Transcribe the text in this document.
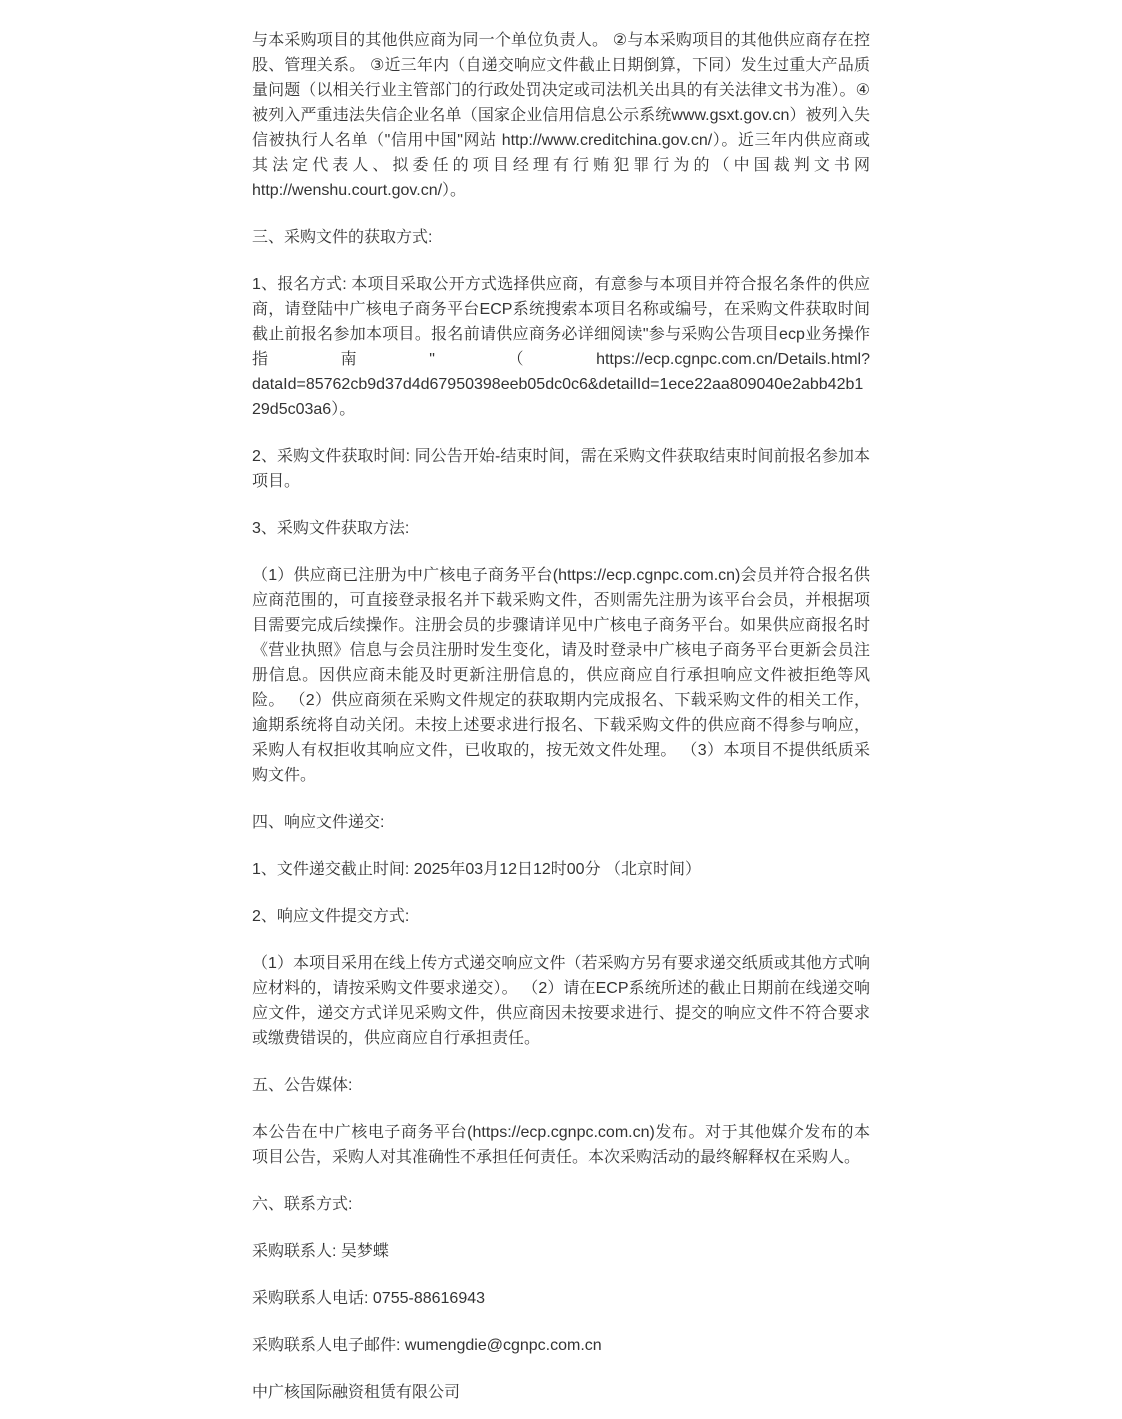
与本采购项目的其他供应商为同一个单位负责人。 ②与本采购项目的其他供应商存在控股、管理关系。 ③近三年内（自递交响应文件截止日期倒算，下同）发生过重大产品质量问题（以相关行业主管部门的行政处罚决定或司法机关出具的有关法律文书为准）。④被列入严重违法失信企业名单（国家企业信用信息公示系统www.gsxt.gov.cn）被列入失信被执行人名单（"信用中国"网站 http://www.creditchina.gov.cn/）。近三年内供应商或其法定代表人、拟委任的项目经理有行贿犯罪行为的（中国裁判文书网http://wenshu.court.gov.cn/）。

三、采购文件的获取方式:

1、报名方式: 本项目采取公开方式选择供应商，有意参与本项目并符合报名条件的供应商，请登陆中广核电子商务平台ECP系统搜索本项目名称或编号，在采购文件获取时间截止前报名参加本项目。报名前请供应商务必详细阅读"参与采购公告项目ecp业务操作指南"（https://ecp.cgnpc.com.cn/Details.html?dataId=85762cb9d37d4d67950398eeb05dc0c6&detailId=1ece22aa809040e2abb42b129d5c03a6）。

2、采购文件获取时间: 同公告开始-结束时间，需在采购文件获取结束时间前报名参加本项目。

3、采购文件获取方法:

（1）供应商已注册为中广核电子商务平台(https://ecp.cgnpc.com.cn)会员并符合报名供应商范围的，可直接登录报名并下载采购文件，否则需先注册为该平台会员，并根据项目需要完成后续操作。注册会员的步骤请详见中广核电子商务平台。如果供应商报名时《营业执照》信息与会员注册时发生变化，请及时登录中广核电子商务平台更新会员注册信息。因供应商未能及时更新注册信息的，供应商应自行承担响应文件被拒绝等风险。 （2）供应商须在采购文件规定的获取期内完成报名、下载采购文件的相关工作，逾期系统将自动关闭。未按上述要求进行报名、下载采购文件的供应商不得参与响应，采购人有权拒收其响应文件，已收取的，按无效文件处理。 （3）本项目不提供纸质采购文件。

四、响应文件递交:

1、文件递交截止时间: 2025年03月12日12时00分 （北京时间）

2、响应文件提交方式:

（1）本项目采用在线上传方式递交响应文件（若采购方另有要求递交纸质或其他方式响应材料的，请按采购文件要求递交）。 （2）请在ECP系统所述的截止日期前在线递交响应文件，递交方式详见采购文件，供应商因未按要求进行、提交的响应文件不符合要求或缴费错误的，供应商应自行承担责任。

五、公告媒体:

本公告在中广核电子商务平台(https://ecp.cgnpc.com.cn)发布。对于其他媒介发布的本项目公告，采购人对其准确性不承担任何责任。本次采购活动的最终解释权在采购人。

六、联系方式:

采购联系人: 吴梦蝶

采购联系人电话: 0755-88616943

采购联系人电子邮件: wumengdie@cgnpc.com.cn

中广核国际融资租赁有限公司
